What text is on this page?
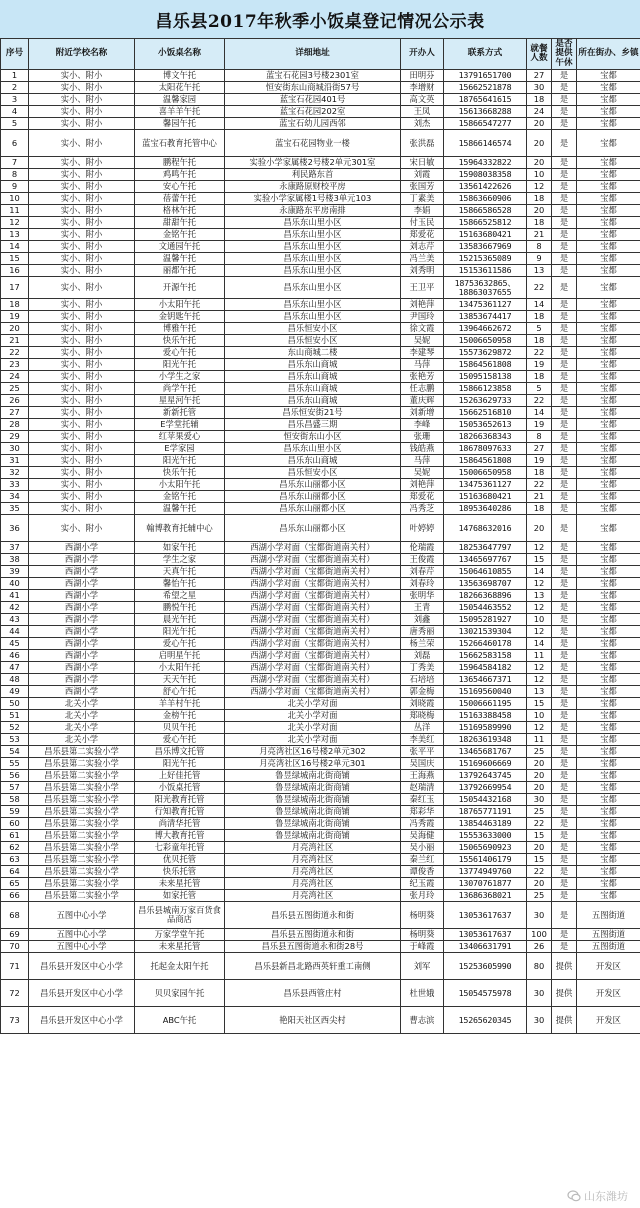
昌乐县2017年秋季小饭桌登记情况公示表
序号	附近学校名称	小饭桌名称	详细地址	开办人	联系方式	就餐人数	是否提供午休	所在街办、乡镇
1	实小、附小	博文午托	蓝宝石花园3号楼2301室	田明芬	13791651700	27	是	宝都
2	实小、附小	太阳花午托	恒安街东山商城沿街57号	李增财	15662521878	30	是	宝都
3	实小、附小	温馨家园	蓝宝石花园401号	高文英	18765641615	18	是	宝都
4	实小、附小	喜羊羊午托	蓝宝石花园202室	王凤	15613668288	24	是	宝都
5	实小、附小	馨园午托	蓝宝石幼儿园西邻	刘杰	15866547277	20	是	宝都
6	实小、附小	蓝宝石教育托管中心	蓝宝石花园物业一楼	张洪磊	15866146574	20	是	宝都
7	实小、附小	鹏程午托	实验小学家属楼2号楼2单元301室	宋日敏	15964332822	20	是	宝都
8	实小、附小	鸡鸣午托	利民路东首	刘霞	15908038358	10	是	宝都
9	实小、附小	安心午托	永康路原财校平房	张国芳	13561422626	12	是	宝都
10	实小、附小	蓓蕾午托	实验小学家属楼1号楼3单元103	丁素美	15863660906	18	是	宝都
11	实小、附小	格林午托	永康路东平房南排	李娟	15866586528	20	是	宝都
12	实小、附小	甜甜午托	昌乐东山里小区	付玉民	15866525812	18	是	宝都
13	实小、附小	金铭午托	昌乐东山里小区	郑爱花	15163680421	21	是	宝都
14	实小、附小	文通园午托	昌乐东山里小区	刘志芹	13583667969	8	是	宝都
15	实小、附小	温馨午托	昌乐东山里小区	冯兰美	15215365089	9	是	宝都
16	实小、附小	丽都午托	昌乐东山里小区	刘秀明	15153611586	13	是	宝都
17	实小、附小	开源午托	昌乐东山里小区	王卫平	18753632865、18863037655	22	是	宝都
18	实小、附小	小太阳午托	昌乐东山里小区	刘艳萍	13475361127	14	是	宝都
19	实小、附小	金钥匙午托	昌乐东山里小区	尹国玲	13853674417	18	是	宝都
20	实小、附小	博雅午托	昌乐恒安小区	徐文霞	13964662672	5	是	宝都
21	实小、附小	快乐午托	昌乐恒安小区	吴妮	15006650958	18	是	宝都
22	实小、附小	爱心午托	东山商城二楼	李建琴	15573629872	22	是	宝都
23	实小、附小	阳光午托	昌乐东山商城	马萍	15864561808	19	是	宝都
24	实小、附小	小学生之家	昌乐东山商城	张艳芳	15095158138	18	是	宝都
25	实小、附小	尚学午托	昌乐东山商城	任志鹏	15866123858	5	是	宝都
26	实小、附小	星星河午托	昌乐东山商城	董庆辉	15263629733	22	是	宝都
27	实小、附小	新新托管	昌乐恒安街21号	刘新增	15662516810	14	是	宝都
28	实小、附小	E学堂托辅	昌乐昌盛三期	李峰	15053652613	19	是	宝都
29	实小、附小	红苹果爱心	恒安街东山小区	张珊	18266368343	8	是	宝都
30	实小、附小	E学家园	昌乐东山里小区	钱皓燕	18678097633	27	是	宝都
31	实小、附小	阳光午托	昌乐东山商城	马萍	15864561808	19	是	宝都
32	实小、附小	快乐午托	昌乐恒安小区	吴妮	15006650958	18	是	宝都
33	实小、附小	小太阳午托	昌乐东山丽都小区	刘艳萍	13475361127	22	是	宝都
34	实小、附小	金铭午托	昌乐东山丽都小区	郑爱花	15163680421	21	是	宝都
35	实小、附小	温馨午托	昌乐东山丽都小区	冯秀芝	18953640286	18	是	宝都
36	实小、附小	翰博教育托辅中心	昌乐东山丽都小区	叶婷婷	14768632016	20	是	宝都
37	西湖小学	如家午托	西湖小学对面（宝都街道南关村）	伦瑞霞	18253647797	12	是	宝都
38	西湖小学	学生之家	西湖小学对面（宝都街道南关村）	王俊霞	13465697767	15	是	宝都
39	西湖小学	天真午托	西湖小学对面（宝都街道南关村）	刘春芹	15064610855	14	是	宝都
40	西湖小学	馨怡午托	西湖小学对面（宝都街道南关村）	刘春玲	13563698707	12	是	宝都
41	西湖小学	希望之星	西湖小学对面（宝都街道南关村）	张明华	18266368896	13	是	宝都
42	西湖小学	鹏悦午托	西湖小学对面（宝都街道南关村）	王青	15054463552	12	是	宝都
43	西湖小学	晨光午托	西湖小学对面（宝都街道南关村）	刘鑫	15095281927	10	是	宝都
44	西湖小学	阳光午托	西湖小学对面（宝都街道南关村）	唐秀丽	13021539304	12	是	宝都
45	西湖小学	爱心午托	西湖小学对面（宝都街道南关村）	杨兰荣	15266460178	14	是	宝都
46	西湖小学	启明星午托	西湖小学对面（宝都街道南关村）	刘磊	15662583158	11	是	宝都
47	西湖小学	小太阳午托	西湖小学对面（宝都街道南关村）	丁秀美	15964584182	12	是	宝都
48	西湖小学	天天午托	西湖小学对面（宝都街道南关村）	石培培	13654667371	12	是	宝都
49	西湖小学	舒心午托	西湖小学对面（宝都街道南关村）	郭金梅	15169560040	13	是	宝都
50	北关小学	羊羊村午托	北关小学对面	刘晓霞	15006661195	15	是	宝都
51	北关小学	金榜午托	北关小学对面	郑晓梅	15163388458	10	是	宝都
52	北关小学	贝贝午托	北关小学对面	丛洋	15169589990	12	是	宝都
53	北关小学	爱心午托	北关小学对面	李美红	18263619348	11	是	宝都
54	昌乐县第二实验小学	昌乐博文托管	月亮湾社区16号楼2单元302	张平平	13465681767	25	是	宝都
55	昌乐县第二实验小学	阳光午托	月亮湾社区16号楼2单元301	吴国庆	15169606669	20	是	宝都
56	昌乐县第二实验小学	上好佳托管	鲁昱绿城南北街商铺	王海燕	13792643745	20	是	宝都
57	昌乐县第二实验小学	小饭桌托管	鲁昱绿城南北街商铺	赵瑞清	13792669954	20	是	宝都
58	昌乐县第二实验小学	阳光教育托管	鲁昱绿城南北街商铺	秦红玉	15054432168	30	是	宝都
59	昌乐县第二实验小学	行知教育托管	鲁昱绿城南北街商铺	郑彩华	18765771191	25	是	宝都
60	昌乐县第二实验小学	尚清华托管	鲁昱绿城南北街商铺	冯秀霞	13854463189	22	是	宝都
61	昌乐县第二实验小学	博大教育托管	鲁昱绿城南北街商铺	吴海健	15553633000	15	是	宝都
62	昌乐县第二实验小学	七彩童年托管	月亮湾社区	吴小丽	15065690923	20	是	宝都
63	昌乐县第二实验小学	优贝托管	月亮湾社区	秦兰红	15561406179	15	是	宝都
64	昌乐县第二实验小学	快乐托管	月亮湾社区	谭俊香	13774949760	22	是	宝都
65	昌乐县第二实验小学	未来星托管	月亮湾社区	纪玉霞	13070761877	20	是	宝都
66	昌乐县第二实验小学	如家托管	月亮湾社区	张月玲	13686368021	25	是	宝都
68	五图中心小学	昌乐县城南万家百货食品商店	昌乐县五图街道永和街	杨明葵	13053617637	30	是	五图街道
69	五图中心小学	万家学堂午托	昌乐县五图街道永和街	杨明葵	13053617637	100	是	五图街道
70	五图中心小学	未来星托管	昌乐县五图街道永和街28号	于峰霞	13406631791	26	是	五图街道
71	昌乐县开发区中心小学	托起金太阳午托	昌乐县新昌北路西英轩重工南侧	刘军	15253605990	80	提供	开发区
72	昌乐县开发区中心小学	贝贝家园午托	昌乐县西管庄村	杜世娥	15054575978	30	提供	开发区
73	昌乐县开发区中心小学	ABC午托	艳阳天社区西尖村	曹志滨	15265620345	30	提供	开发区
山东潍坊
